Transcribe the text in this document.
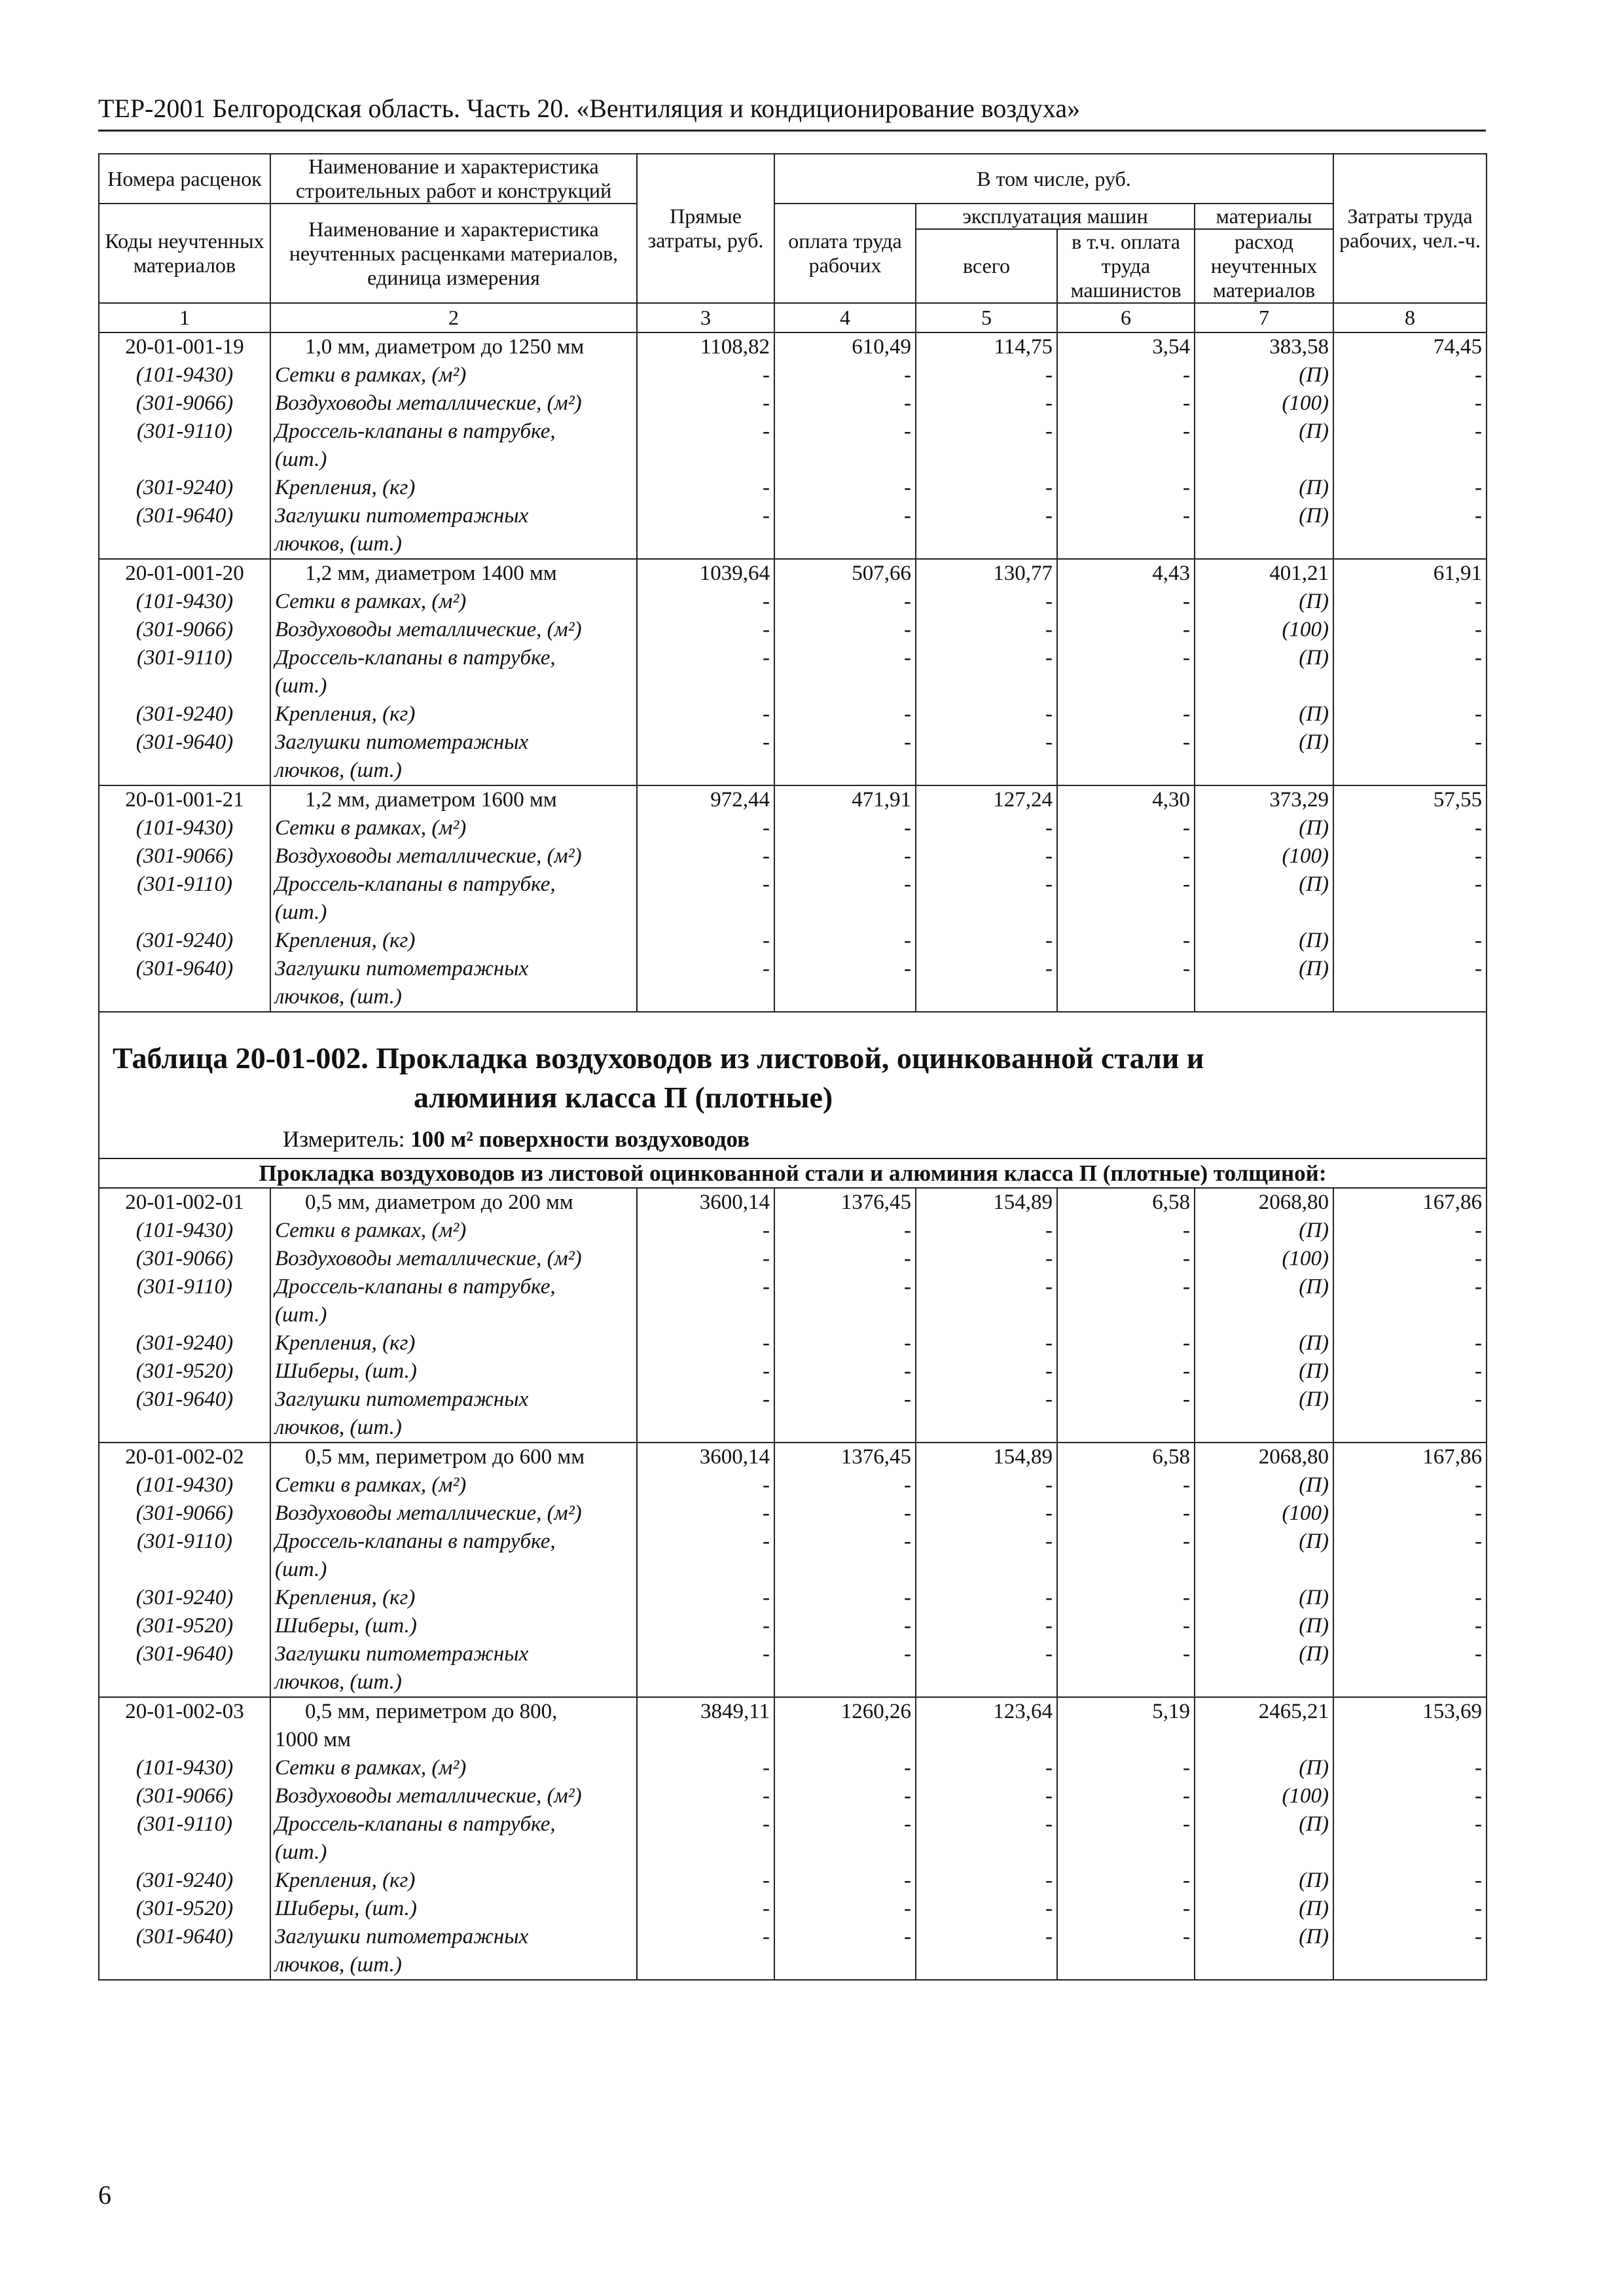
ТЕР-2001 Белгородская область. Часть 20. «Вентиляция и кондиционирование воздуха»
Номера расценок	Наименование и характеристика строительных работ и конструкций	Прямые затраты, руб.	В том числе, руб.				Затраты труда рабочих, чел.-ч.
Коды неучтенных материалов	Наименование и характеристика неучтенных расценками материалов, единица измерения		оплата труда рабочих	эксплуатация машин		материалы	
				всего	в т.ч. оплата труда машинистов	расход неучтенных материалов	
1	2	3	4	5	6	7	8
20-01-001-19	1,0 мм, диаметром до 1250 мм	1108,82	610,49	114,75	3,54	383,58	74,45
(101-9430)	Сетки в рамках, (м²)	-	-	-	-	(П)	-
(301-9066)	Воздуховоды металлические, (м²)	-	-	-	-	(100)	-
(301-9110)	Дроссель-клапаны в патрубке,	-	-	-	-	(П)	-
	(шт.)						
(301-9240)	Крепления, (кг)	-	-	-	-	(П)	-
(301-9640)	Заглушки питометражных	-	-	-	-	(П)	-
	лючков, (шт.)						
20-01-001-20	1,2 мм, диаметром 1400 мм	1039,64	507,66	130,77	4,43	401,21	61,91
(101-9430)	Сетки в рамках, (м²)	-	-	-	-	(П)	-
(301-9066)	Воздуховоды металлические, (м²)	-	-	-	-	(100)	-
(301-9110)	Дроссель-клапаны в патрубке,	-	-	-	-	(П)	-
	(шт.)						
(301-9240)	Крепления, (кг)	-	-	-	-	(П)	-
(301-9640)	Заглушки питометражных	-	-	-	-	(П)	-
	лючков, (шт.)						
20-01-001-21	1,2 мм, диаметром 1600 мм	972,44	471,91	127,24	4,30	373,29	57,55
(101-9430)	Сетки в рамках, (м²)	-	-	-	-	(П)	-
(301-9066)	Воздуховоды металлические, (м²)	-	-	-	-	(100)	-
(301-9110)	Дроссель-клапаны в патрубке,	-	-	-	-	(П)	-
	(шт.)						
(301-9240)	Крепления, (кг)	-	-	-	-	(П)	-
(301-9640)	Заглушки питометражных	-	-	-	-	(П)	-
	лючков, (шт.)						

Таблица 20-01-002. Прокладка воздуховодов из листовой, оцинкованной стали и
алюминия класса П (плотные)
Измеритель: 100 м² поверхности воздуховодов							

Прокладка воздуховодов из листовой оцинкованной стали и алюминия класса П (плотные) толщиной:							
20-01-002-01	0,5 мм, диаметром до 200 мм	3600,14	1376,45	154,89	6,58	2068,80	167,86
(101-9430)	Сетки в рамках, (м²)	-	-	-	-	(П)	-
(301-9066)	Воздуховоды металлические, (м²)	-	-	-	-	(100)	-
(301-9110)	Дроссель-клапаны в патрубке,	-	-	-	-	(П)	-
	(шт.)						
(301-9240)	Крепления, (кг)	-	-	-	-	(П)	-
(301-9520)	Шиберы, (шт.)	-	-	-	-	(П)	-
(301-9640)	Заглушки питометражных	-	-	-	-	(П)	-
	лючков, (шт.)						
20-01-002-02	0,5 мм, периметром до 600 мм	3600,14	1376,45	154,89	6,58	2068,80	167,86
(101-9430)	Сетки в рамках, (м²)	-	-	-	-	(П)	-
(301-9066)	Воздуховоды металлические, (м²)	-	-	-	-	(100)	-
(301-9110)	Дроссель-клапаны в патрубке,	-	-	-	-	(П)	-
	(шт.)						
(301-9240)	Крепления, (кг)	-	-	-	-	(П)	-
(301-9520)	Шиберы, (шт.)	-	-	-	-	(П)	-
(301-9640)	Заглушки питометражных	-	-	-	-	(П)	-
	лючков, (шт.)						
20-01-002-03	0,5 мм, периметром до 800,	3849,11	1260,26	123,64	5,19	2465,21	153,69
	1000 мм						
(101-9430)	Сетки в рамках, (м²)	-	-	-	-	(П)	-
(301-9066)	Воздуховоды металлические, (м²)	-	-	-	-	(100)	-
(301-9110)	Дроссель-клапаны в патрубке,	-	-	-	-	(П)	-
	(шт.)						
(301-9240)	Крепления, (кг)	-	-	-	-	(П)	-
(301-9520)	Шиберы, (шт.)	-	-	-	-	(П)	-
(301-9640)	Заглушки питометражных	-	-	-	-	(П)	-
	лючков, (шт.)						
6
